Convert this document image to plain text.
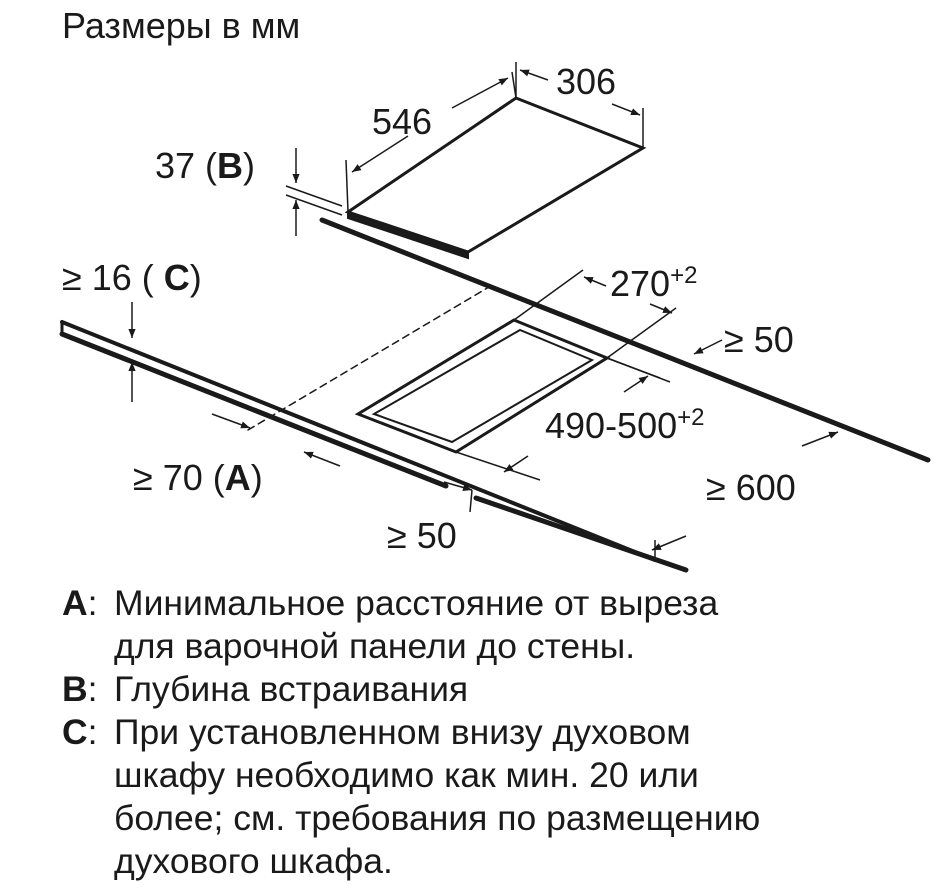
Размеры в мм
306
546
37 (B)
$270^{+2}$
≥ 50
$490-500^{+2}$
≥ 600
≥ 50
≥ 70 (A)
≥ 16 ( C)
A: Минимальное расстояние от выреза
для варочной панели до стены.
B: Глубина встраивания
C: При установленном внизу духовом
шкафу необходимо как мин. 20 или
более; см. требования по размещению
духового шкафа.
